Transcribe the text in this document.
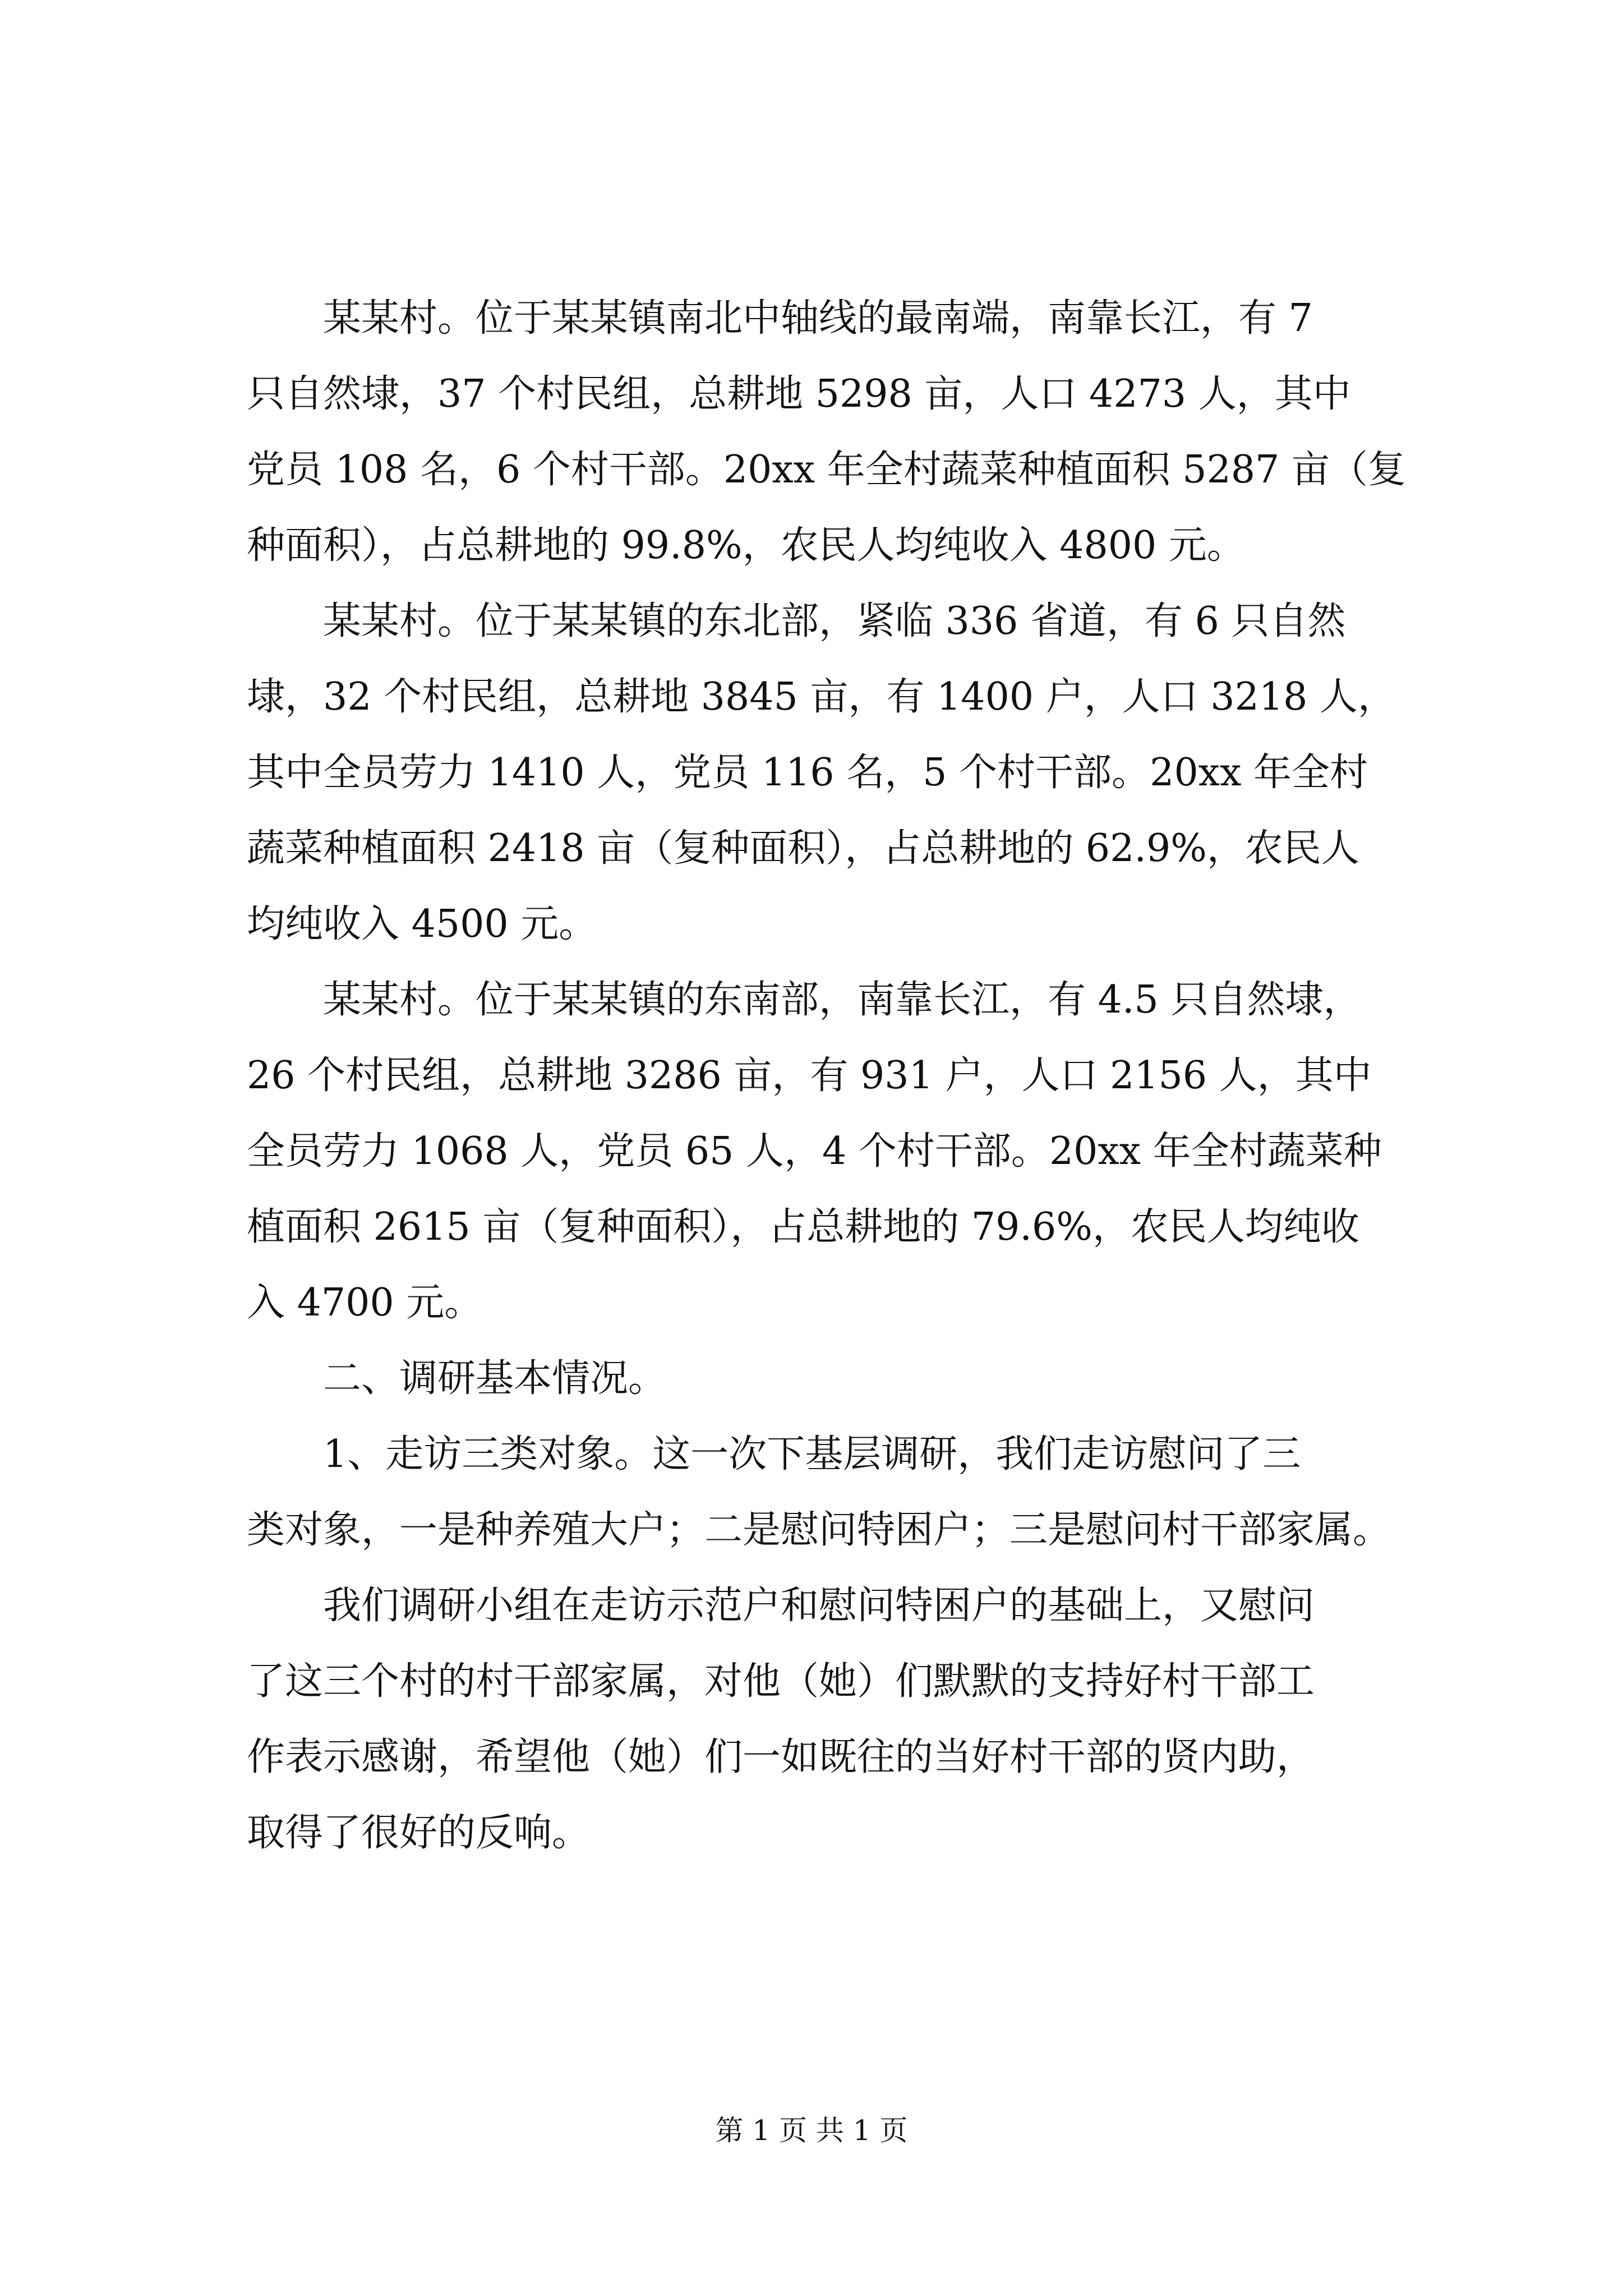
某某村。位于某某镇南北中轴线的最南端，南靠长江，有 7
只自然埭，37 个村民组，总耕地 5298 亩，人口 4273 人，其中
党员 108 名，6 个村干部。20xx 年全村蔬菜种植面积 5287 亩（复
种面积），占总耕地的 99.8%，农民人均纯收入 4800 元。
某某村。位于某某镇的东北部，紧临 336 省道，有 6 只自然
埭，32 个村民组，总耕地 3845 亩，有 1400 户，人口 3218 人，
其中全员劳力 1410 人，党员 116 名，5 个村干部。20xx 年全村
蔬菜种植面积 2418 亩（复种面积），占总耕地的 62.9%，农民人
均纯收入 4500 元。
某某村。位于某某镇的东南部，南靠长江，有 4.5 只自然埭，
26 个村民组，总耕地 3286 亩，有 931 户，人口 2156 人，其中
全员劳力 1068 人，党员 65 人，4 个村干部。20xx 年全村蔬菜种
植面积 2615 亩（复种面积），占总耕地的 79.6%，农民人均纯收
入 4700 元。
二、调研基本情况。
1、走访三类对象。这一次下基层调研，我们走访慰问了三
类对象，一是种养殖大户；二是慰问特困户；三是慰问村干部家属。
我们调研小组在走访示范户和慰问特困户的基础上，又慰问
了这三个村的村干部家属，对他（她）们默默的支持好村干部工
作表示感谢，希望他（她）们一如既往的当好村干部的贤内助，
取得了很好的反响。
第 1 页 共 1 页
